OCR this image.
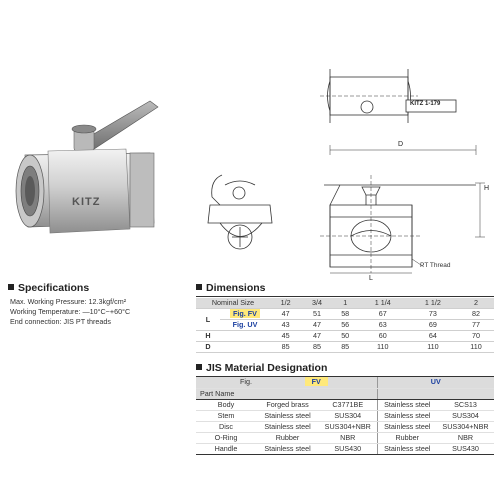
KITZ
KITZ 1-179
D
H
L
PT Thread
Specifications
Max. Working Pressure: 12.3kgf/cm²
Working Temperature: —10°C~+60°C
End connection: JIS PT threads
Dimensions
Nominal Size		1/2	3/4	1	1 1/4	1 1/2	2
L	Fig. FV	47	51	58	67	73	82
	Fig. UV	43	47	56	63	69	77
H		45	47	50	60	64	70
D		85	85	85	110	110	110
JIS Material Designation
Fig.	FV		UV	
Part Name				
Body	Forged brass	C3771BE	Stainless steel	SCS13
Stem	Stainless steel	SUS304	Stainless steel	SUS304
Disc	Stainless steel	SUS304+NBR	Stainless steel	SUS304+NBR
O-Ring	Rubber	NBR	Rubber	NBR
Handle	Stainless steel	SUS430	Stainless steel	SUS430
